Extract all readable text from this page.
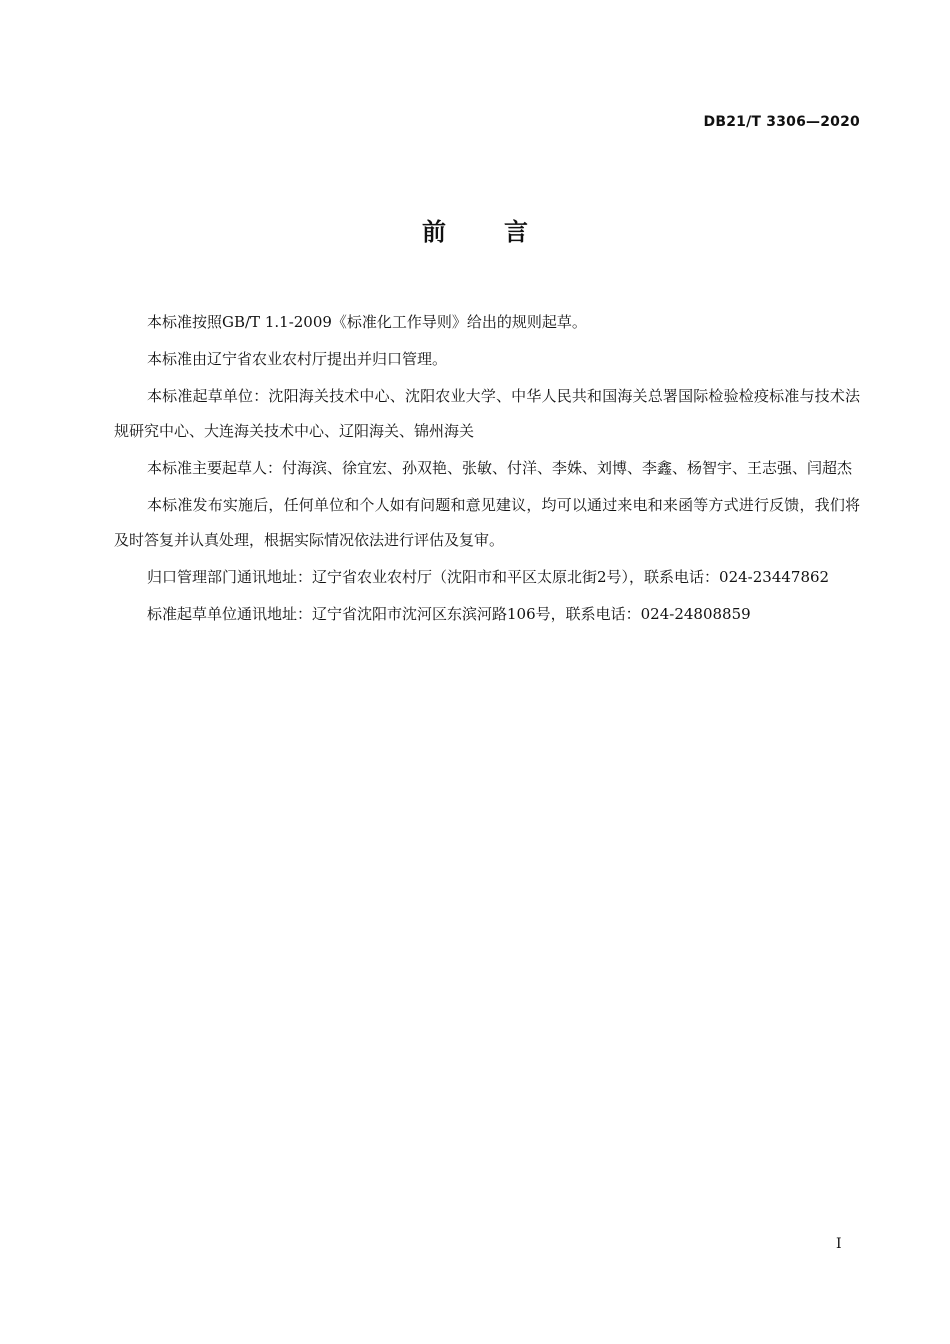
DB21/T 3306—2020
前言

本标准按照GB/T 1.1-2009《标准化工作导则》给出的规则起草。

本标准由辽宁省农业农村厅提出并归口管理。

本标准起草单位：沈阳海关技术中心、沈阳农业大学、中华人民共和国海关总署国际检验检疫标准与技术法规研究中心、大连海关技术中心、辽阳海关、锦州海关

本标准主要起草人：付海滨、徐宜宏、孙双艳、张敏、付洋、李姝、刘博、李鑫、杨智宇、王志强、闫超杰

本标准发布实施后，任何单位和个人如有问题和意见建议，均可以通过来电和来函等方式进行反馈，我们将及时答复并认真处理，根据实际情况依法进行评估及复审。

归口管理部门通讯地址：辽宁省农业农村厅（沈阳市和平区太原北街2号），联系电话：024-23447862

标准起草单位通讯地址：辽宁省沈阳市沈河区东滨河路106号，联系电话：024-24808859

I
